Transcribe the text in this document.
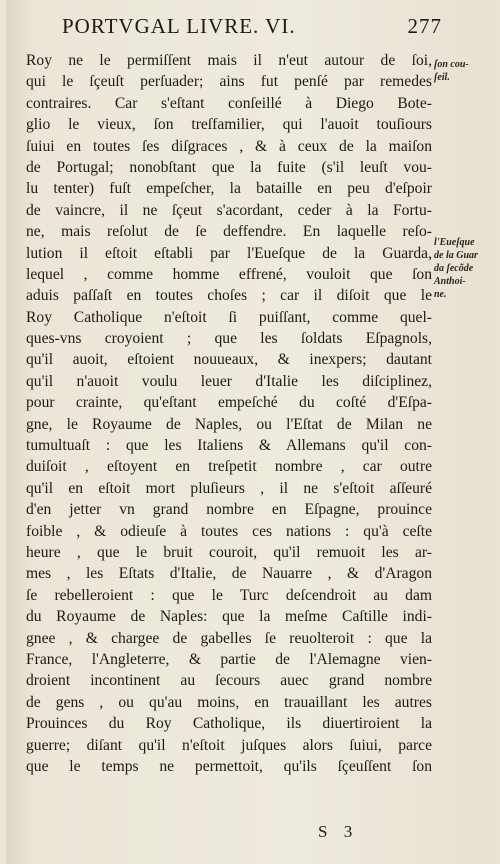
PORTVGAL LIVRE. VI.	277
Roy ne le permiſſent mais il n'eut autour de ſoi,
qui le ſçeuſt perſuader; ains fut penſé par remedes
contraires. Car s'eſtant conſeillé à Diego Bote-
glio le vieux, ſon treſfamilier, qui l'auoit touſiours
ſuiui en toutes ſes diſgraces , & à ceux de la maiſon
de Portugal; nonobſtant que la fuite (s'il leuſt vou-
lu tenter) fuſt empeſcher, la bataille en peu d'eſpoir
de vaincre, il ne ſçeut s'acordant, ceder à la Fortu-
ne, mais reſolut de ſe deffendre. En laquelle reſo-
lution il eſtoit eſtabli par l'Eueſque de la Guarda,
lequel , comme homme effrené, vouloit que ſon
aduis paſſaſt en toutes choſes ; car il diſoit que le
Roy Catholique n'eſtoit ſi puiſſant, comme quel-
ques-vns croyoient ; que les ſoldats Eſpagnols,
qu'il auoit, eſtoient nouueaux, & inexpers; dautant
qu'il n'auoit voulu leuer d'Italie les diſciplinez,
pour crainte, qu'eſtant empeſché du coſté d'Eſpa-
gne, le Royaume de Naples, ou l'Eſtat de Milan ne
tumultuaſt : que les Italiens & Allemans qu'il con-
duiſoit , eſtoyent en treſpetit nombre , car outre
qu'il en eſtoit mort pluſieurs , il ne s'eſtoit aſſeuré
d'en jetter vn grand nombre en Eſpagne, prouince
foible , & odieuſe à toutes ces nations : qu'à ceſte
heure , que le bruit couroit, qu'il remuoit les ar-
mes , les Eſtats d'Italie, de Nauarre , & d'Aragon
ſe rebelleroient : que le Turc deſcendroit au dam
du Royaume de Naples: que la meſme Caſtille indi-
gnee , & chargee de gabelles ſe reuolteroit : que la
France, l'Angleterre, & partie de l'Alemagne vien-
droient incontinent au ſecours auec grand nombre
de gens , ou qu'au moins, en trauaillant les autres
Prouinces du Roy Catholique, ils diuertiroient la
guerre; diſant qu'il n'eſtoit juſques alors ſuiui, parce
que le temps ne permettoit, qu'ils ſçeuſſent ſon
ſon cou-
ſeil.
l'Eueſque
de la Guar
da ſecõde
Anthoi-
ne.
S 3
